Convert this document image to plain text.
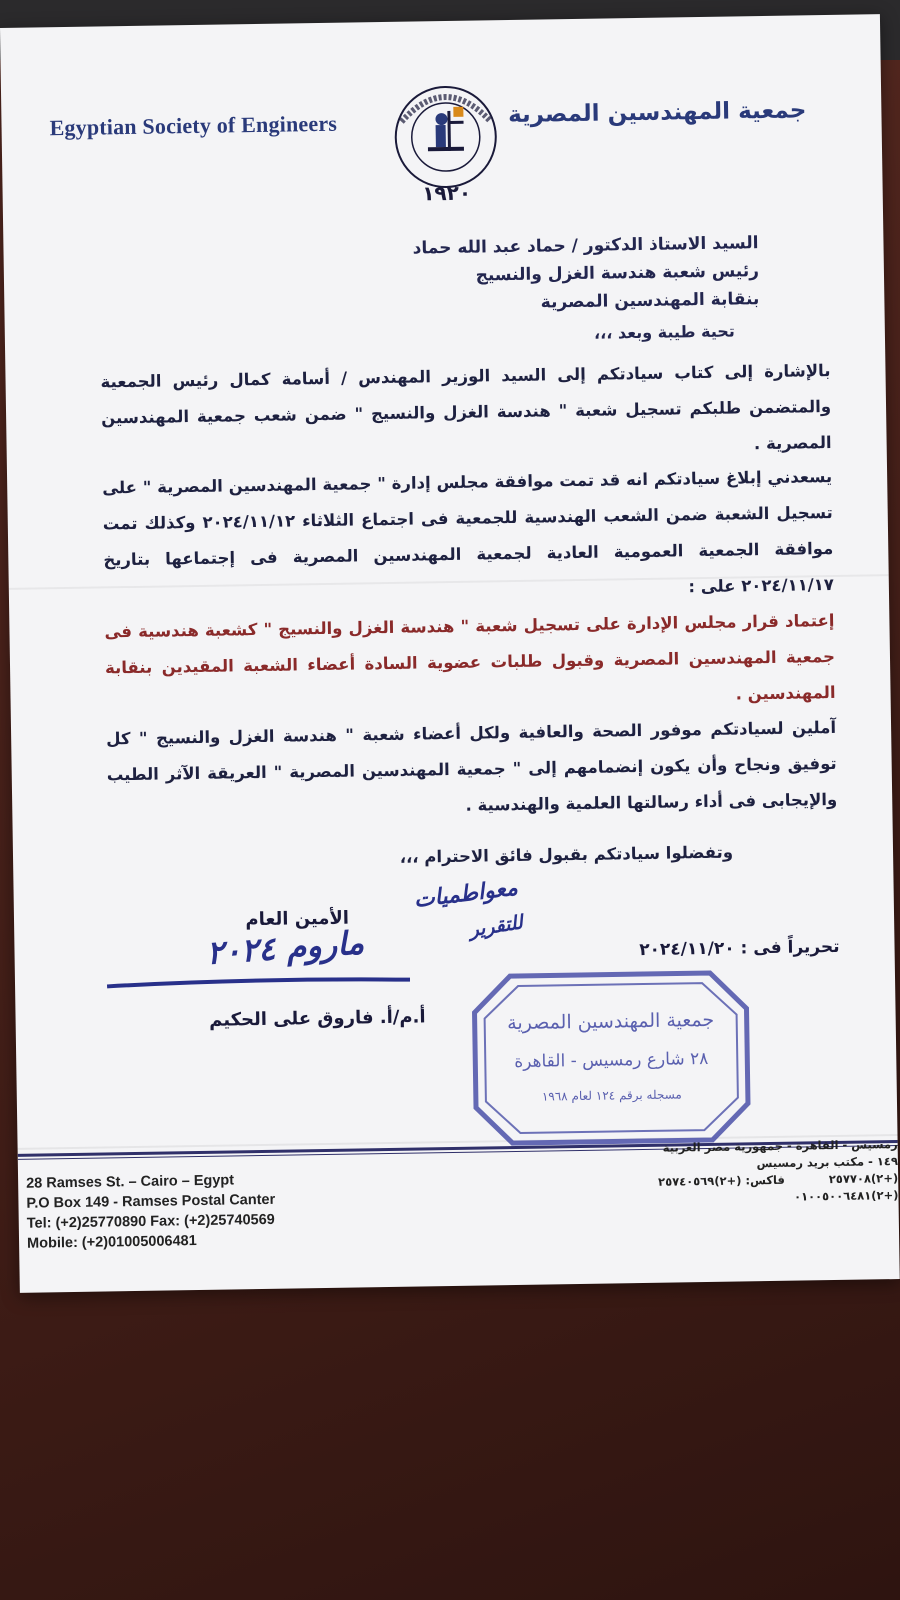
Egyptian Society of Engineers
١٩٢٠
جمعية المهندسين المصرية
السيد الاستاذ الدكتور / حماد عبد الله حماد
رئيس شعبة هندسة الغزل والنسيج
بنقابة المهندسين المصرية
تحية طيبة وبعد ،،،
بالإشارة إلى كتاب سيادتكم إلى السيد الوزير المهندس / أسامة كمال رئيس الجمعية والمتضمن طلبكم تسجيل شعبة " هندسة الغزل والنسيج " ضمن شعب جمعية المهندسين المصرية .
يسعدني إبلاغ سيادتكم انه قد تمت موافقة مجلس إدارة " جمعية المهندسين المصرية " على تسجيل الشعبة ضمن الشعب الهندسية للجمعية فى اجتماع الثلاثاء ٢٠٢٤/١١/١٢ وكذلك تمت موافقة الجمعية العمومية العادية لجمعية المهندسين المصرية فى إجتماعها بتاريخ ٢٠٢٤/١١/١٧ على :
إعتماد قرار مجلس الإدارة على تسجيل شعبة " هندسة الغزل والنسيج " كشعبة هندسية فى جمعية المهندسين المصرية وقبول طلبات عضوية السادة أعضاء الشعبة المقيدين بنقابة المهندسين .
آملين لسيادتكم موفور الصحة والعافية ولكل أعضاء شعبة " هندسة الغزل والنسيج " كل توفيق ونجاح وأن يكون إنضمامهم إلى " جمعية المهندسين المصرية " العريقة الآثر الطيب والإيجابى فى أداء رسالتها العلمية والهندسية .
وتفضلوا سيادتكم بقبول فائق الاحترام ،،،
تحريراً فى : ٢٠٢٤/١١/٢٠
ﻣﻌﻮﺍﻃﻤﻴﺎﺕ
ﻟﻠﺘﻘﺮﻳﺮ
الأمين العام
ﻣﺎﺭﻭﻡ ٢٠٢٤
أ.م/أ. فاروق على الحكيم	جمعية المهندسين المصرية
٢٨ شارع رمسيس - القاهرة
مسجله برقم ١٢٤ لعام ١٩٦٨
28 Ramses St. – Cairo – Egypt
P.O Box 149 - Ramses Postal Canter
Tel: (+2)25770890 Fax: (+2)25740569
Mobile: (+2)01005006481
رمسيس - القاهرة - جمهورية مصر العربية
١٤٩ - مكتب بريد رمسيس
(+٢)٢٥٧٧٠٨ فاكس: (+٢)٢٥٧٤٠٥٦٩
(+٢)٠١٠٠٥٠٠٦٤٨١
